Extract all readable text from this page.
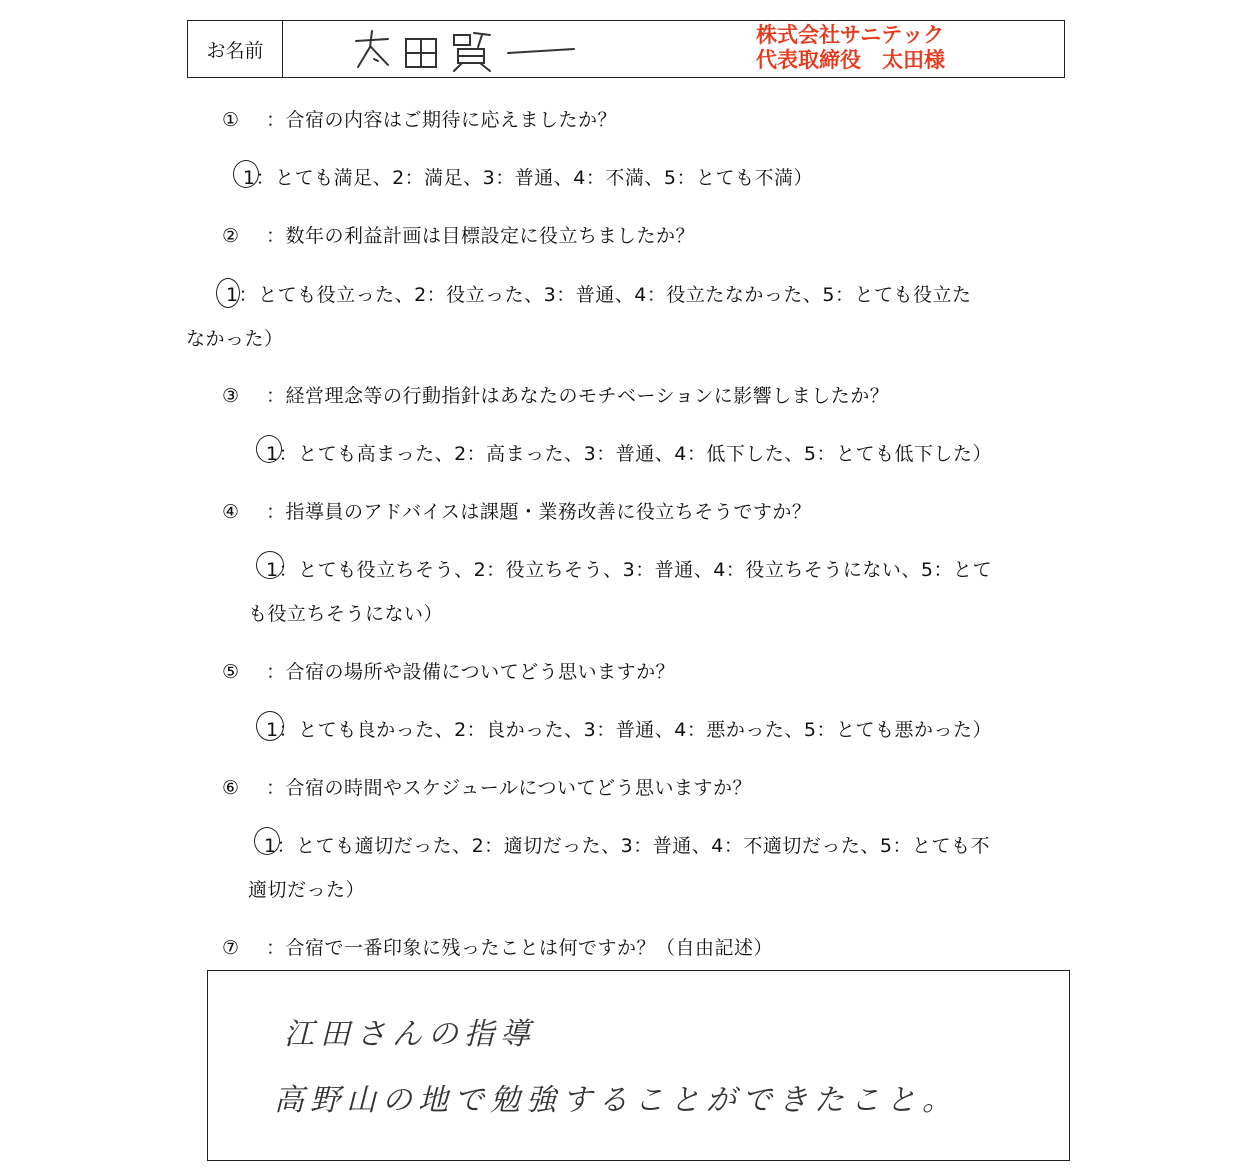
お名前
株式会社サニテック
代表取締役　太田様
① ：合宿の内容はご期待に応えましたか？
1：とても満足、2：満足、3：普通、4：不満、5：とても不満）
② ：数年の利益計画は目標設定に役立ちましたか？
1：とても役立った、2：役立った、3：普通、4：役立たなかった、5：とても役立た
なかった）
③ ：経営理念等の行動指針はあなたのモチベーションに影響しましたか？
1：とても高まった、2：高まった、3：普通、4：低下した、5：とても低下した）
④ ：指導員のアドバイスは課題・業務改善に役立ちそうですか？
1：とても役立ちそう、2：役立ちそう、3：普通、4：役立ちそうにない、5：とて
も役立ちそうにない）
⑤ ：合宿の場所や設備についてどう思いますか？
1：とても良かった、2：良かった、3：普通、4：悪かった、5：とても悪かった）
⑥ ：合宿の時間やスケジュールについてどう思いますか？
1：とても適切だった、2：適切だった、3：普通、4：不適切だった、5：とても不
適切だった）
⑦ ：合宿で一番印象に残ったことは何ですか？（自由記述）
江田さんの指導
高野山の地で勉強することができたこと。
